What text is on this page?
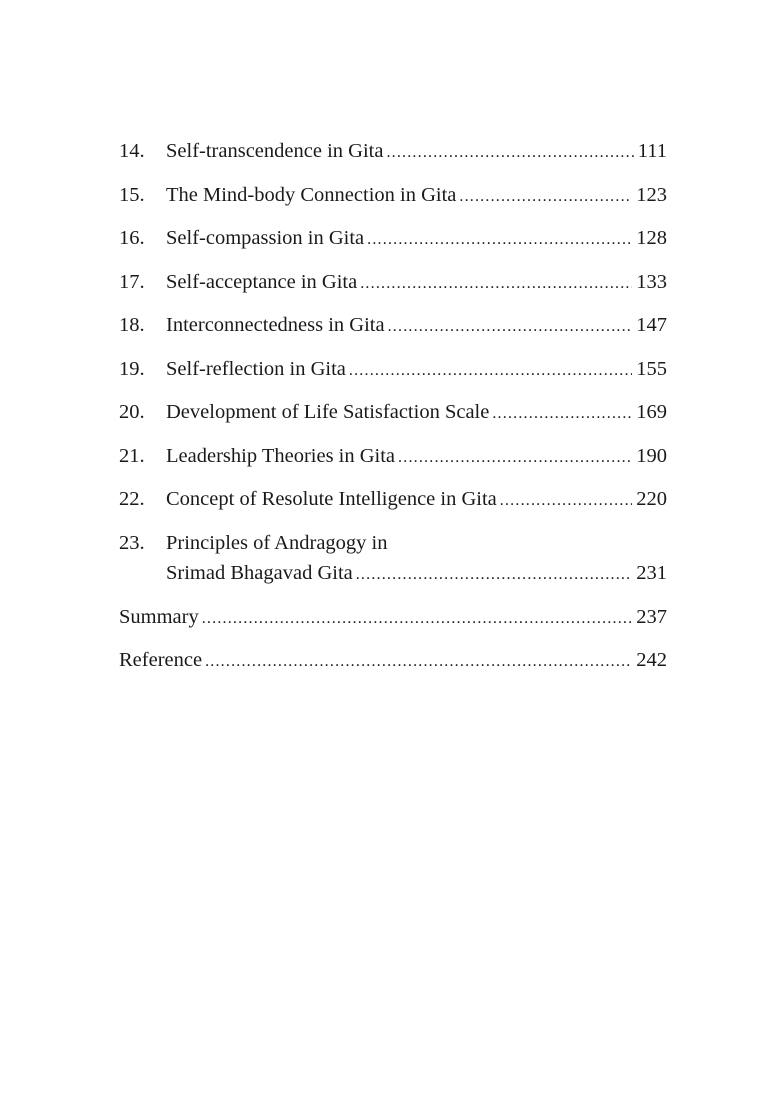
14.	Self-transcendence in Gita .....	111
15.	The Mind-body Connection in Gita .....	123
16.	Self-compassion in Gita .....	128
17.	Self-acceptance in Gita .....	133
18.	Interconnectedness in Gita .....	147
19.	Self-reflection in Gita .....	155
20.	Development of Life Satisfaction Scale .....	169
21.	Leadership Theories in Gita .....	190
22.	Concept of Resolute Intelligence in Gita .....	220
23.	Principles of Andragogy in
Srimad Bhagavad Gita .....	231
Summary .....	237
Reference .....	242
